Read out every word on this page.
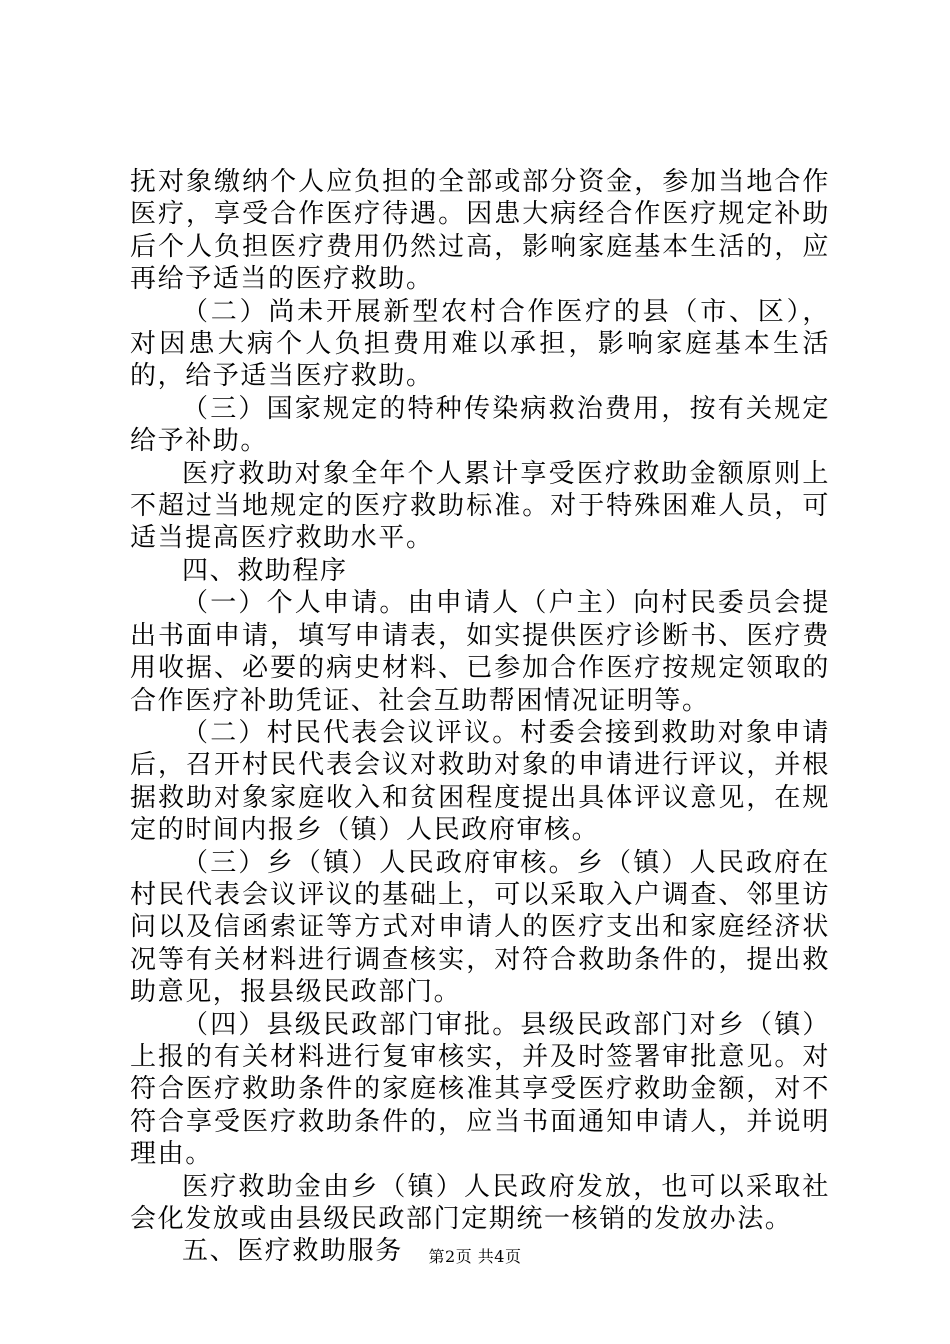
抚对象缴纳个人应负担的全部或部分资金，参加当地合作医疗，享受合作医疗待遇。因患大病经合作医疗规定补助后个人负担医疗费用仍然过高，影响家庭基本生活的，应再给予适当的医疗救助。

（二）尚未开展新型农村合作医疗的县（市、区），对因患大病个人负担费用难以承担，影响家庭基本生活的，给予适当医疗救助。

（三）国家规定的特种传染病救治费用，按有关规定给予补助。

医疗救助对象全年个人累计享受医疗救助金额原则上不超过当地规定的医疗救助标准。对于特殊困难人员，可适当提高医疗救助水平。

四、救助程序

（一）个人申请。由申请人（户主）向村民委员会提出书面申请，填写申请表，如实提供医疗诊断书、医疗费用收据、必要的病史材料、已参加合作医疗按规定领取的合作医疗补助凭证、社会互助帮困情况证明等。

（二）村民代表会议评议。村委会接到救助对象申请后，召开村民代表会议对救助对象的申请进行评议，并根据救助对象家庭收入和贫困程度提出具体评议意见，在规定的时间内报乡（镇）人民政府审核。

（三）乡（镇）人民政府审核。乡（镇）人民政府在村民代表会议评议的基础上，可以采取入户调查、邻里访问以及信函索证等方式对申请人的医疗支出和家庭经济状况等有关材料进行调查核实，对符合救助条件的，提出救助意见，报县级民政部门。

（四）县级民政部门审批。县级民政部门对乡（镇）上报的有关材料进行复审核实，并及时签署审批意见。对符合医疗救助条件的家庭核准其享受医疗救助金额，对不符合享受医疗救助条件的，应当书面通知申请人，并说明理由。

医疗救助金由乡（镇）人民政府发放，也可以采取社会化发放或由县级民政部门定期统一核销的发放办法。

五、医疗救助服务	第2页 共4页
